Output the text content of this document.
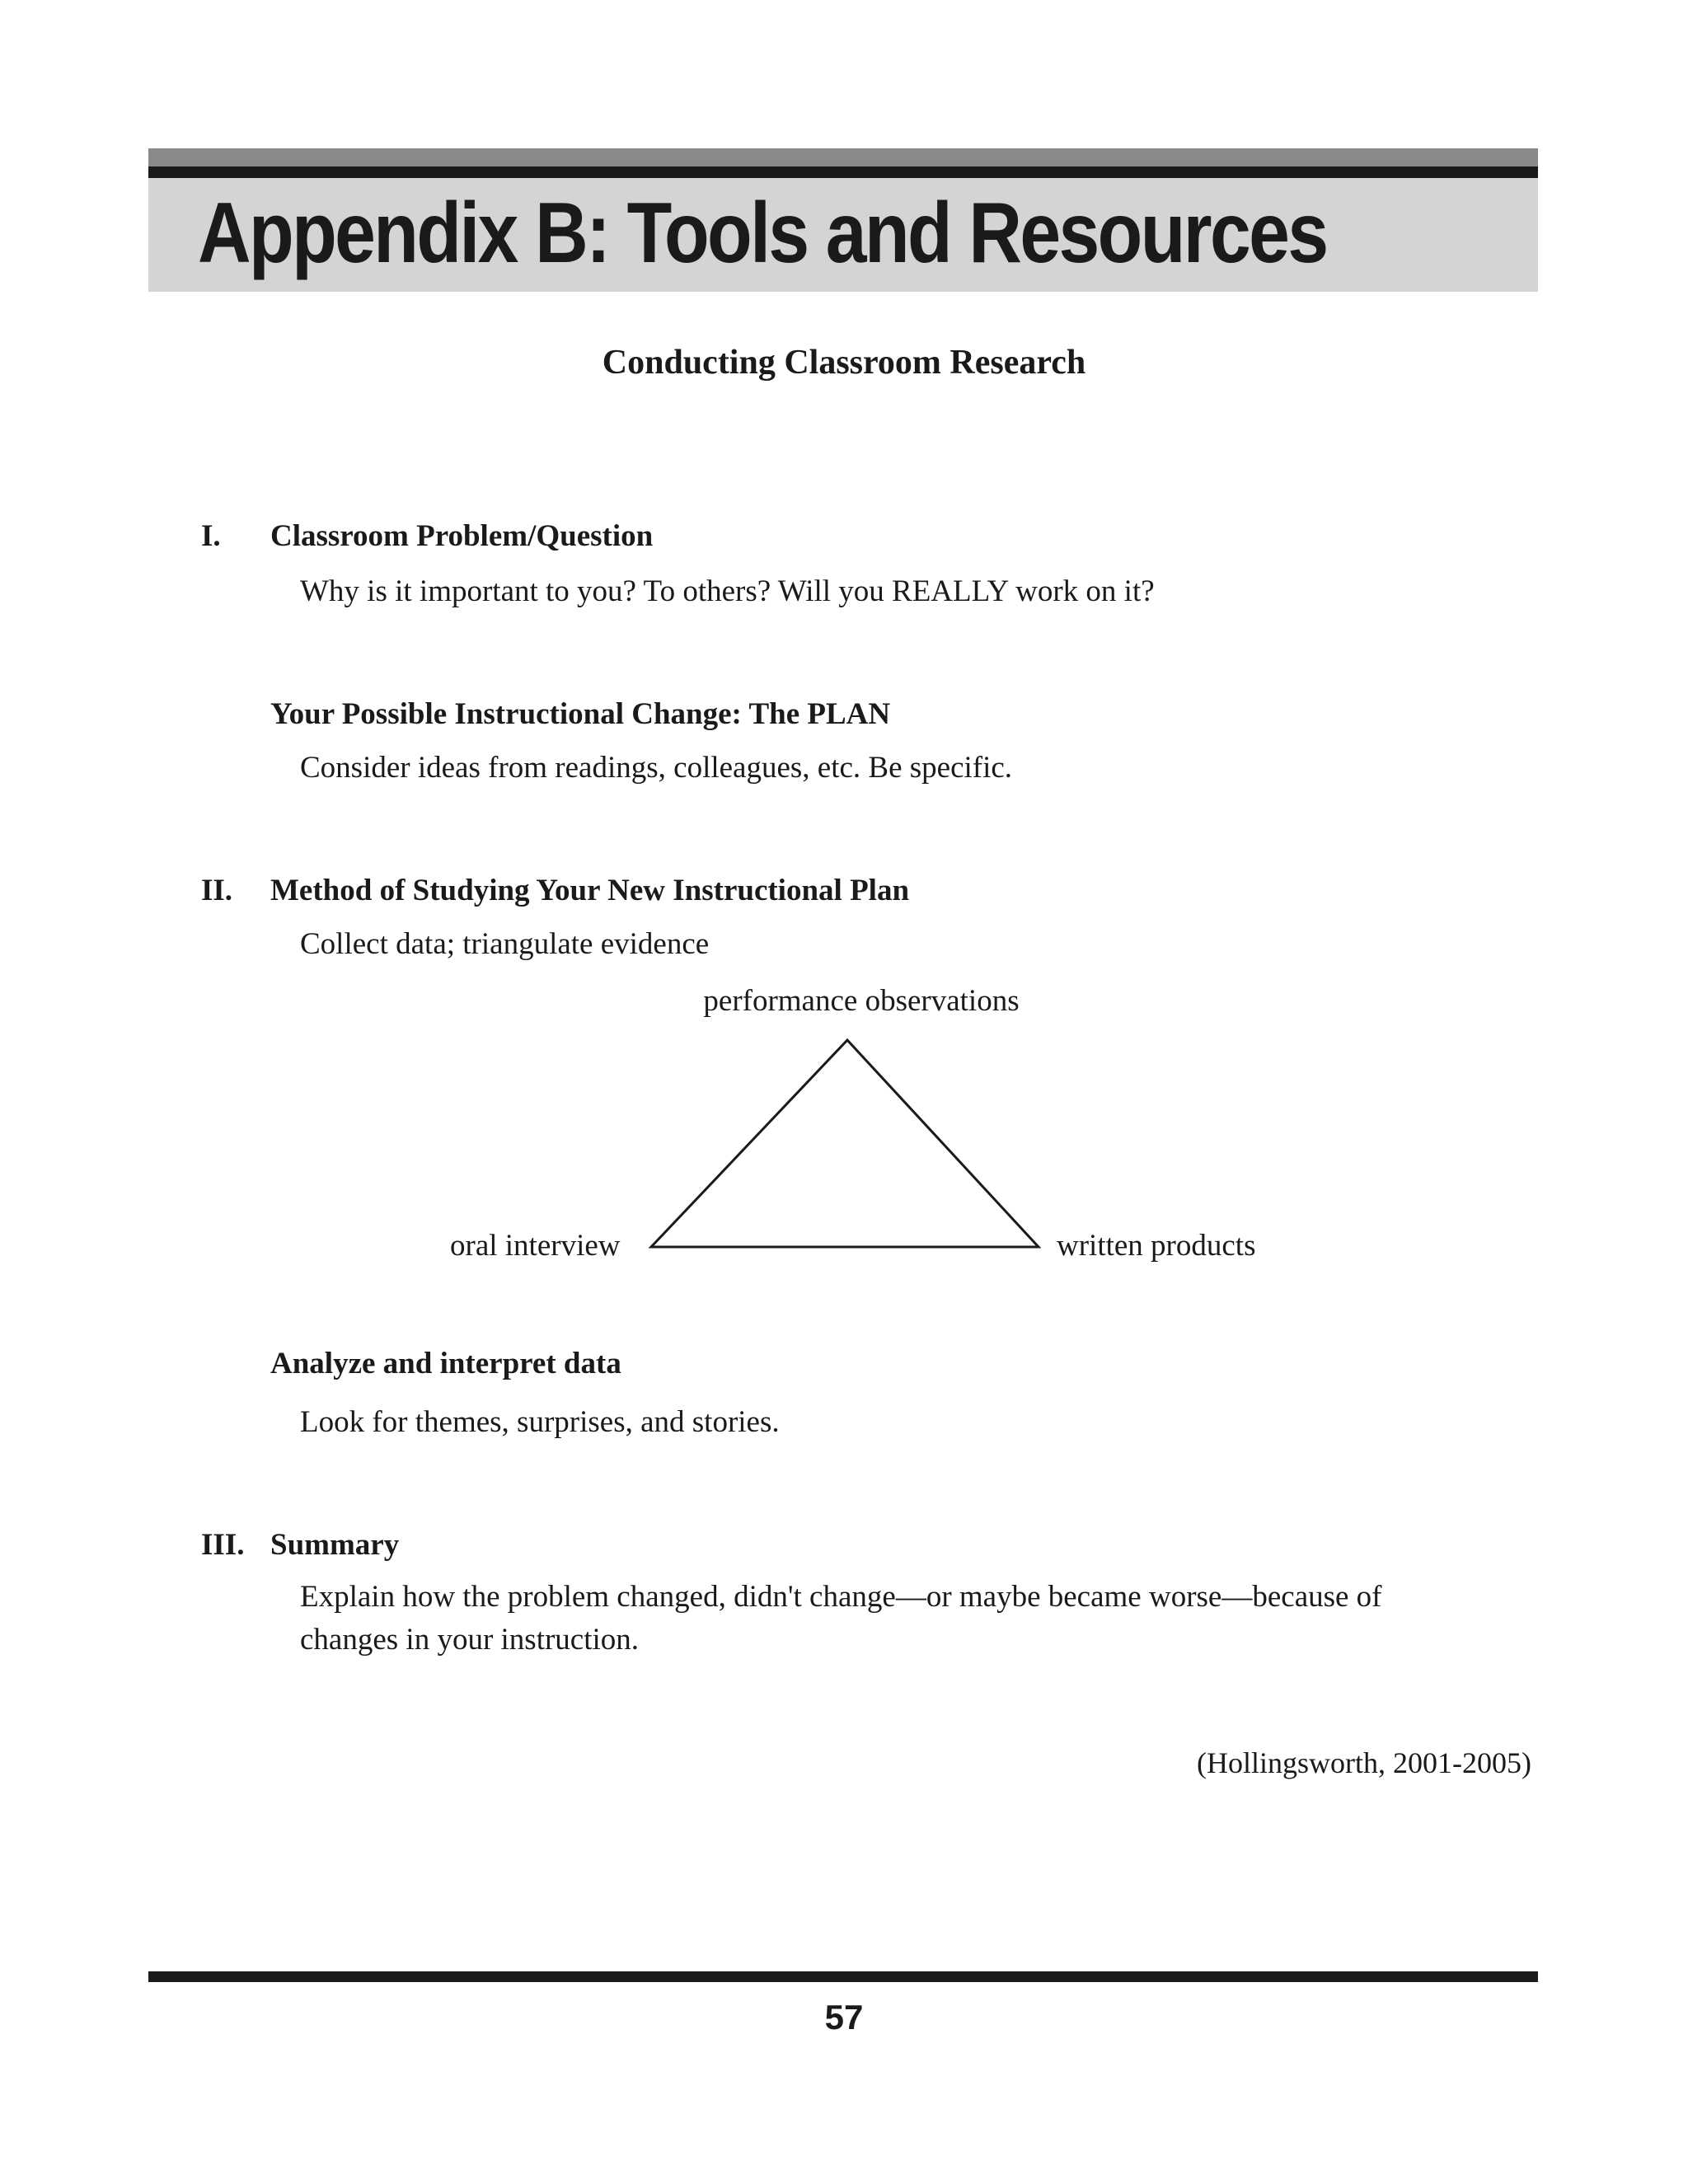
Appendix B: Tools and Resources
Conducting Classroom Research
I. Classroom Problem/Question
Why is it important to you? To others? Will you REALLY work on it?
Your Possible Instructional Change: The PLAN
Consider ideas from readings, colleagues, etc. Be specific.
II. Method of Studying Your New Instructional Plan
Collect data; triangulate evidence
performance observations
oral interview	written products
Analyze and interpret data
Look for themes, surprises, and stories.
III. Summary
Explain how the problem changed, didn't change—or maybe became worse—because of
changes in your instruction.
(Hollingsworth, 2001-2005)
57
